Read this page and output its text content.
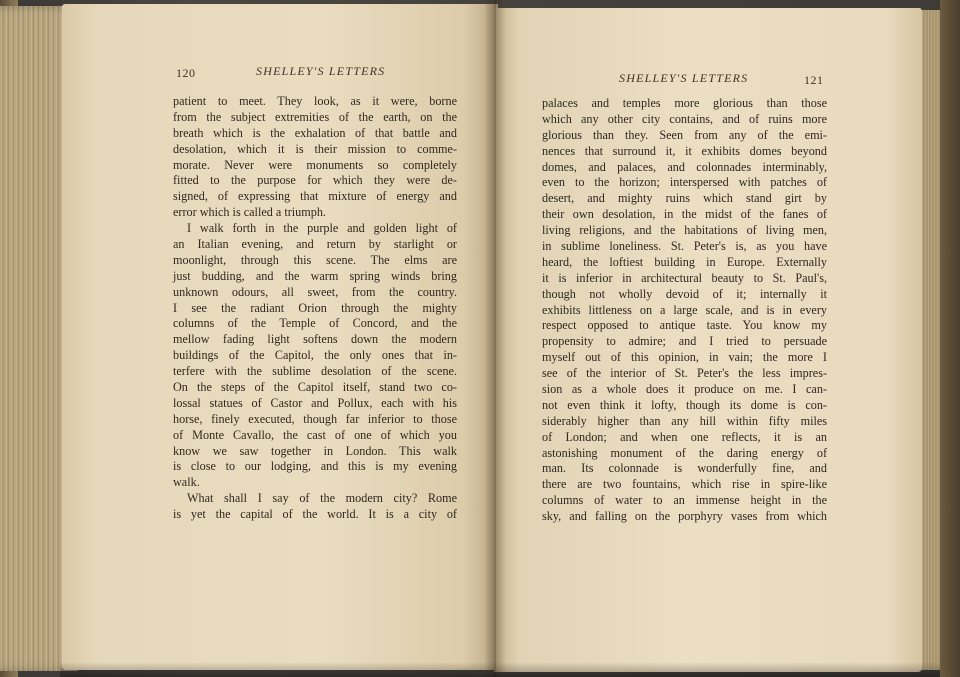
120	SHELLEY'S LETTERS
patient to meet. They look, as it were, borne
from the subject extremities of the earth, on the
breath which is the exhalation of that battle and
desolation, which it is their mission to comme-
morate. Never were monuments so completely
fitted to the purpose for which they were de-
signed, of expressing that mixture of energy and
error which is called a triumph.
I walk forth in the purple and golden light of
an Italian evening, and return by starlight or
moonlight, through this scene. The elms are
just budding, and the warm spring winds bring
unknown odours, all sweet, from the country.
I see the radiant Orion through the mighty
columns of the Temple of Concord, and the
mellow fading light softens down the modern
buildings of the Capitol, the only ones that in-
terfere with the sublime desolation of the scene.
On the steps of the Capitol itself, stand two co-
lossal statues of Castor and Pollux, each with his
horse, finely executed, though far inferior to those
of Monte Cavallo, the cast of one of which you
know we saw together in London. This walk
is close to our lodging, and this is my evening
walk.
What shall I say of the modern city? Rome
is yet the capital of the world. It is a city of
SHELLEY'S LETTERS	121
palaces and temples more glorious than those
which any other city contains, and of ruins more
glorious than they. Seen from any of the emi-
nences that surround it, it exhibits domes beyond
domes, and palaces, and colonnades interminably,
even to the horizon; interspersed with patches of
desert, and mighty ruins which stand girt by
their own desolation, in the midst of the fanes of
living religions, and the habitations of living men,
in sublime loneliness. St. Peter's is, as you have
heard, the loftiest building in Europe. Externally
it is inferior in architectural beauty to St. Paul's,
though not wholly devoid of it; internally it
exhibits littleness on a large scale, and is in every
respect opposed to antique taste. You know my
propensity to admire; and I tried to persuade
myself out of this opinion, in vain; the more I
see of the interior of St. Peter's the less impres-
sion as a whole does it produce on me. I can-
not even think it lofty, though its dome is con-
siderably higher than any hill within fifty miles
of London; and when one reflects, it is an
astonishing monument of the daring energy of
man. Its colonnade is wonderfully fine, and
there are two fountains, which rise in spire-like
columns of water to an immense height in the
sky, and falling on the porphyry vases from which
